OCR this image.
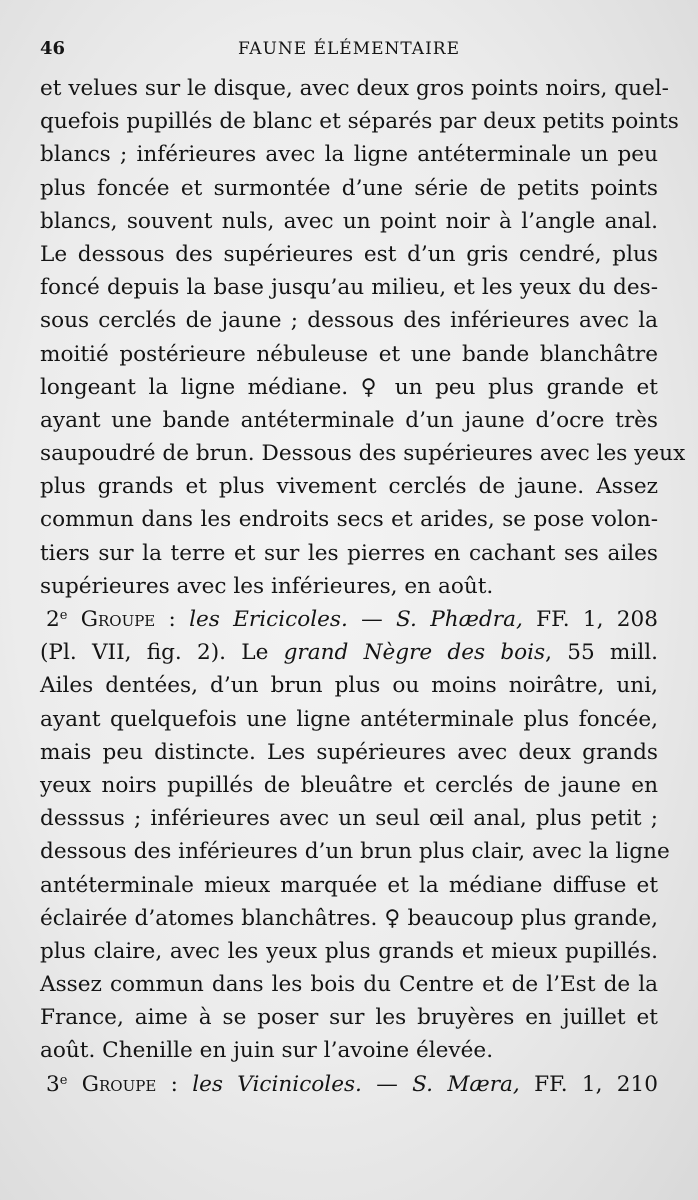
46	FAUNE ÉLÉMENTAIRE
et velues sur le disque, avec deux gros points noirs, quel-
quefois pupillés de blanc et séparés par deux petits points
blancs ; inférieures avec la ligne antéterminale un peu
plus foncée et surmontée d’une série de petits points
blancs, souvent nuls, avec un point noir à l’angle anal.
Le dessous des supérieures est d’un gris cendré, plus
foncé depuis la base jusqu’au milieu, et les yeux du des-
sous cerclés de jaune ; dessous des inférieures avec la
moitié postérieure nébuleuse et une bande blanchâtre
longeant la ligne médiane. ♀ un peu plus grande et
ayant une bande antéterminale d’un jaune d’ocre très
saupoudré de brun. Dessous des supérieures avec les yeux
plus grands et plus vivement cerclés de jaune. Assez
commun dans les endroits secs et arides, se pose volon-
tiers sur la terre et sur les pierres en cachant ses ailes
supérieures avec les inférieures, en août.
2e Groupe : les Ericicoles. — S. Phædra, FF. 1, 208
(Pl. VII, fig. 2). Le grand Nègre des bois, 55 mill.
Ailes dentées, d’un brun plus ou moins noirâtre, uni,
ayant quelquefois une ligne antéterminale plus foncée,
mais peu distincte. Les supérieures avec deux grands
yeux noirs pupillés de bleuâtre et cerclés de jaune en
desssus ; inférieures avec un seul œil anal, plus petit ;
dessous des inférieures d’un brun plus clair, avec la ligne
antéterminale mieux marquée et la médiane diffuse et
éclairée d’atomes blanchâtres. ♀ beaucoup plus grande,
plus claire, avec les yeux plus grands et mieux pupillés.
Assez commun dans les bois du Centre et de l’Est de la
France, aime à se poser sur les bruyères en juillet et
août. Chenille en juin sur l’avoine élevée.
3e Groupe : les Vicinicoles. — S. Mæra, FF. 1, 210
